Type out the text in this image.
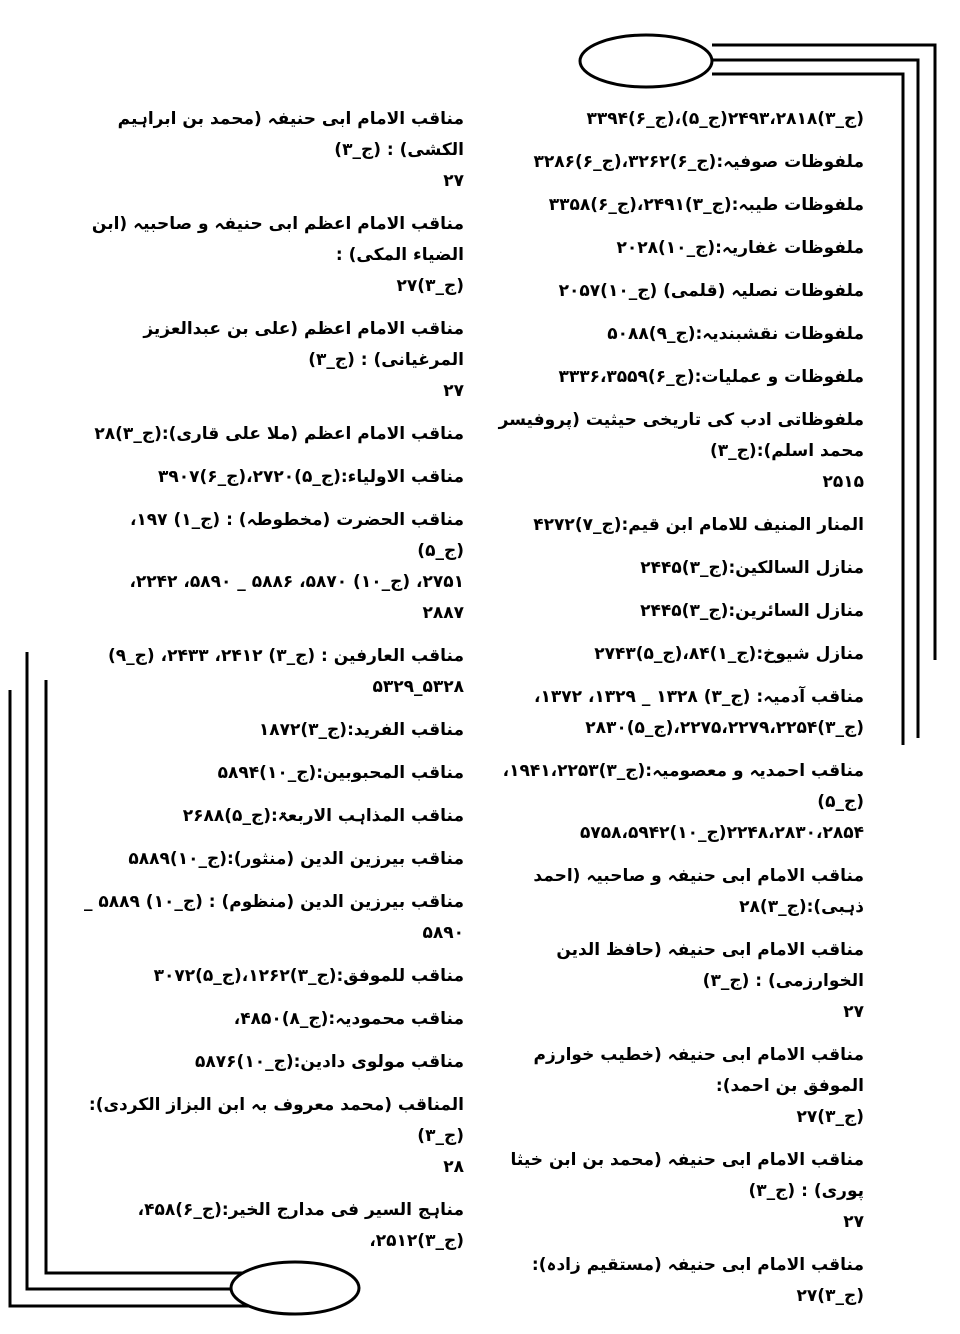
(ج_۳)۲۴۹۳،۲۸۱۸(ج_۵)،(ج_۶)۳۳۹۴
ملفوظات صوفیہ:(ج_۶)۳۲۶۲،(ج_۶)۳۲۸۶
ملفوظات طیبہ:(ج_۳)۲۴۹۱،(ج_۶)۳۳۵۸
ملفوظات غفاریہ:(ج_۱۰)۲۰۲۸
ملفوظات نصلیہ (قلمی) (ج_۱۰)۲۰۵۷
ملفوظات نقشبندیہ:(ج_۹)۵۰۸۸
ملفوظات و عملیات:(ج_۶)۳۳۳۶،۳۵۵۹
ملفوظاتی ادب کی تاریخی حیثیت (پروفیسر محمد اسلم):(ج_۳)
۲۵۱۵
المنار المنیف للامام ابن قیم:(ج_۷)۴۲۷۲
منازل السالکین:(ج_۳)۲۴۴۵
منازل السائرین:(ج_۳)۲۴۴۵
منازل شیوخ:(ج_۱)۸۴،(ج_۵)۲۷۴۳
مناقب آدمیہ: (ج_۳) ۱۳۲۸ _ ۱۳۲۹، ۱۳۷۲،
(ج_۳)۲۲۷۵،۲۲۷۹،۲۲۵۴،(ج_۵)۲۸۳۰
مناقب احمدیہ و معصومیہ:(ج_۳)۱۹۴۱،۲۲۵۳، (ج_۵)
۲۲۴۸،۲۸۳۰،۲۸۵۴(ج_۱۰)۵۷۵۸،۵۹۴۲
مناقب الامام ابی حنیفہ و صاحبیہ (احمد ذہبی):(ج_۳)۲۸
مناقب الامام ابی حنیفہ (حافظ الدین الخوارزمی) : (ج_۳)
۲۷
مناقب الامام ابی حنیفہ (خطیب خوارزم الموفق بن احمد):
(ج_۳)۲۷
مناقب الامام ابی حنیفہ (محمد بن ابن خیثا پوری) : (ج_۳)
۲۷
مناقب الامام ابی حنیفہ (مستقیم زادہ):(ج_۳)۲۷
مناقب الامام ابی حنیفہ (محمد بن ابراہیم الکشی) : (ج_۳)
۲۷
مناقب الامام اعظم ابی حنیفہ و صاحبیہ (ابن الضیاء المکی) :
(ج_۳)۲۷
مناقب الامام اعظم (علی بن عبدالعزیز المرغیانی) : (ج_۳)
۲۷
مناقب الامام اعظم (ملا علی قاری):(ج_۳)۲۸
مناقب الاولیاء:(ج_۵)۲۷۲۰،(ج_۶)۳۹۰۷
مناقب الحضرت (مخطوطہ) : (ج_۱) ۱۹۷، (ج_۵)
۲۷۵۱، (ج_۱۰) ۵۸۷۰، ۵۸۸۶ _ ۵۸۹۰، ۲۲۴۲،
۲۸۸۷
مناقب العارفین : (ج_۳) ۲۴۱۲، ۲۴۳۳، (ج_۹)
۵۳۲۸_۵۳۲۹
مناقب الفرید:(ج_۳)۱۸۷۲
مناقب المحبوبین:(ج_۱۰)۵۸۹۴
مناقب المذاہب الاربعۃ:(ج_۵)۲۶۸۸
مناقب بیرزین الدین (منثور):(ج_۱۰)۵۸۸۹
مناقب بیرزین الدین (منظوم) : (ج_۱۰) ۵۸۸۹ _
۵۸۹۰
مناقب للموفق:(ج_۳)۱۲۶۲،(ج_۵)۳۰۷۲
مناقب محمودیہ:(ج_۸)۴۸۵۰،
مناقب مولوی دادین:(ج_۱۰)۵۸۷۶
المناقب (محمد معروف بہ ابن البزاز الکردی): (ج_۳)
۲۸
مناہج السیر فی مدارج الخیر:(ج_۶)۴۵۸،(ج_۳)۲۵۱۲،
